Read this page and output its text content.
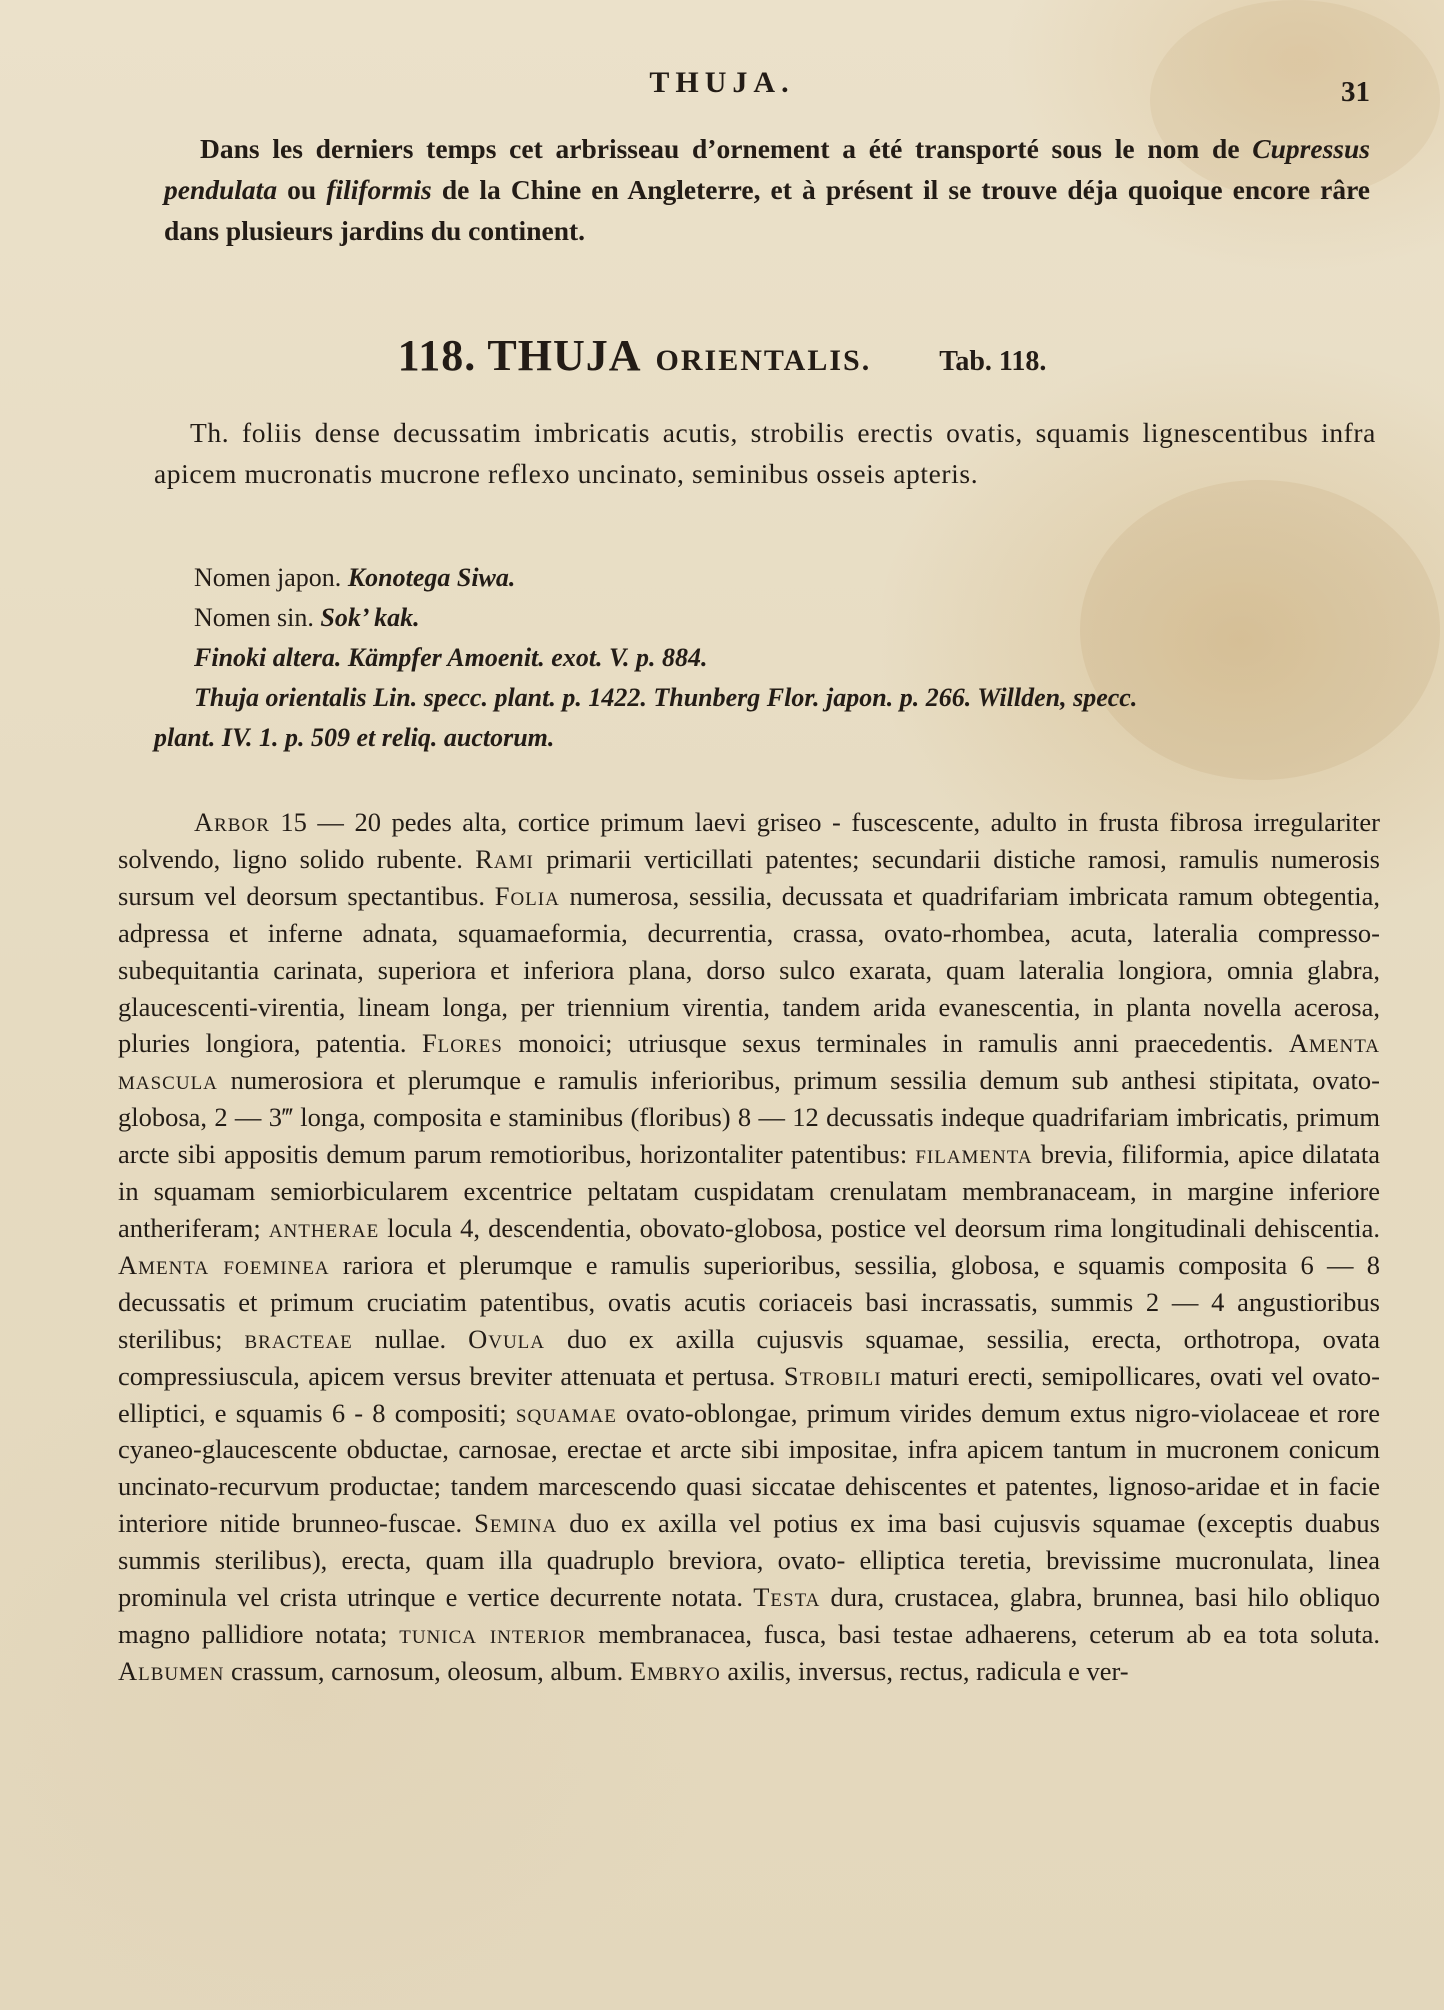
THUJA.	31
Dans les derniers temps cet arbrisseau d’ornement a été transporté sous le nom de Cupressus pendulata ou filiformis de la Chine en Angleterre, et à présent il se trouve déja quoique encore râre dans plusieurs jardins du continent.
118. THUJA ORIENTALIS. Tab. 118.
Th. foliis dense decussatim imbricatis acutis, strobilis erectis ovatis, squamis lignescentibus infra apicem mucronatis mucrone reflexo uncinato, seminibus osseis apteris.

Nomen japon. Konotega Siwa.

Nomen sin. Sok’ kak.

Finoki altera. Kämpfer Amoenit. exot. V. p. 884.

Thuja orientalis Lin. specc. plant. p. 1422. Thunberg Flor. japon. p. 266. Willden, specc.

plant. IV. 1. p. 509 et reliq. auctorum.

Arbor 15 — 20 pedes alta, cortice primum laevi griseo - fuscescente, adulto in frusta fibrosa irregulariter solvendo, ligno solido rubente. Rami primarii verticillati patentes; secundarii distiche ramosi, ramulis numerosis sursum vel deorsum spectantibus. Folia numerosa, sessilia, decussata et quadrifariam imbricata ramum obtegentia, adpressa et inferne adnata, squamaeformia, decurrentia, crassa, ovato-rhombea, acuta, lateralia compresso-subequitantia carinata, superiora et inferiora plana, dorso sulco exarata, quam lateralia longiora, omnia glabra, glaucescenti-virentia, lineam longa, per triennium virentia, tandem arida evanescentia, in planta novella acerosa, pluries longiora, patentia. Flores monoici; utriusque sexus terminales in ramulis anni praecedentis. Amenta mascula numerosiora et plerumque e ramulis inferioribus, primum sessilia demum sub anthesi stipitata, ovato-globosa, 2 — 3‴ longa, composita e staminibus (floribus) 8 — 12 decussatis indeque quadrifariam imbricatis, primum arcte sibi appositis demum parum remotioribus, horizontaliter patentibus: filamenta brevia, filiformia, apice dilatata in squamam semiorbicularem excentrice peltatam cuspidatam crenulatam membranaceam, in margine inferiore antheriferam; antherae locula 4, descendentia, obovato-globosa, postice vel deorsum rima longitudinali dehiscentia. Amenta foeminea rariora et plerumque e ramulis superioribus, sessilia, globosa, e squamis composita 6 — 8 decussatis et primum cruciatim patentibus, ovatis acutis coriaceis basi incrassatis, summis 2 — 4 angustioribus sterilibus; bracteae nullae. Ovula duo ex axilla cujusvis squamae, sessilia, erecta, orthotropa, ovata compressiuscula, apicem versus breviter attenuata et pertusa. Strobili maturi erecti, semipollicares, ovati vel ovato-elliptici, e squamis 6 - 8 compositi; squamae ovato-oblongae, primum virides demum extus nigro-violaceae et rore cyaneo-glaucescente obductae, carnosae, erectae et arcte sibi impositae, infra apicem tantum in mucronem conicum uncinato-recurvum productae; tandem marcescendo quasi siccatae dehiscentes et patentes, lignoso-aridae et in facie interiore nitide brunneo-fuscae. Semina duo ex axilla vel potius ex ima basi cujusvis squamae (exceptis duabus summis sterilibus), erecta, quam illa quadruplo breviora, ovato- elliptica teretia, brevissime mucronulata, linea prominula vel crista utrinque e vertice decurrente notata. Testa dura, crustacea, glabra, brunnea, basi hilo obliquo magno pallidiore notata; tunica interior membranacea, fusca, basi testae adhaerens, ceterum ab ea tota soluta. Albumen crassum, carnosum, oleosum, album. Embryo axilis, inversus, rectus, radicula e ver-
